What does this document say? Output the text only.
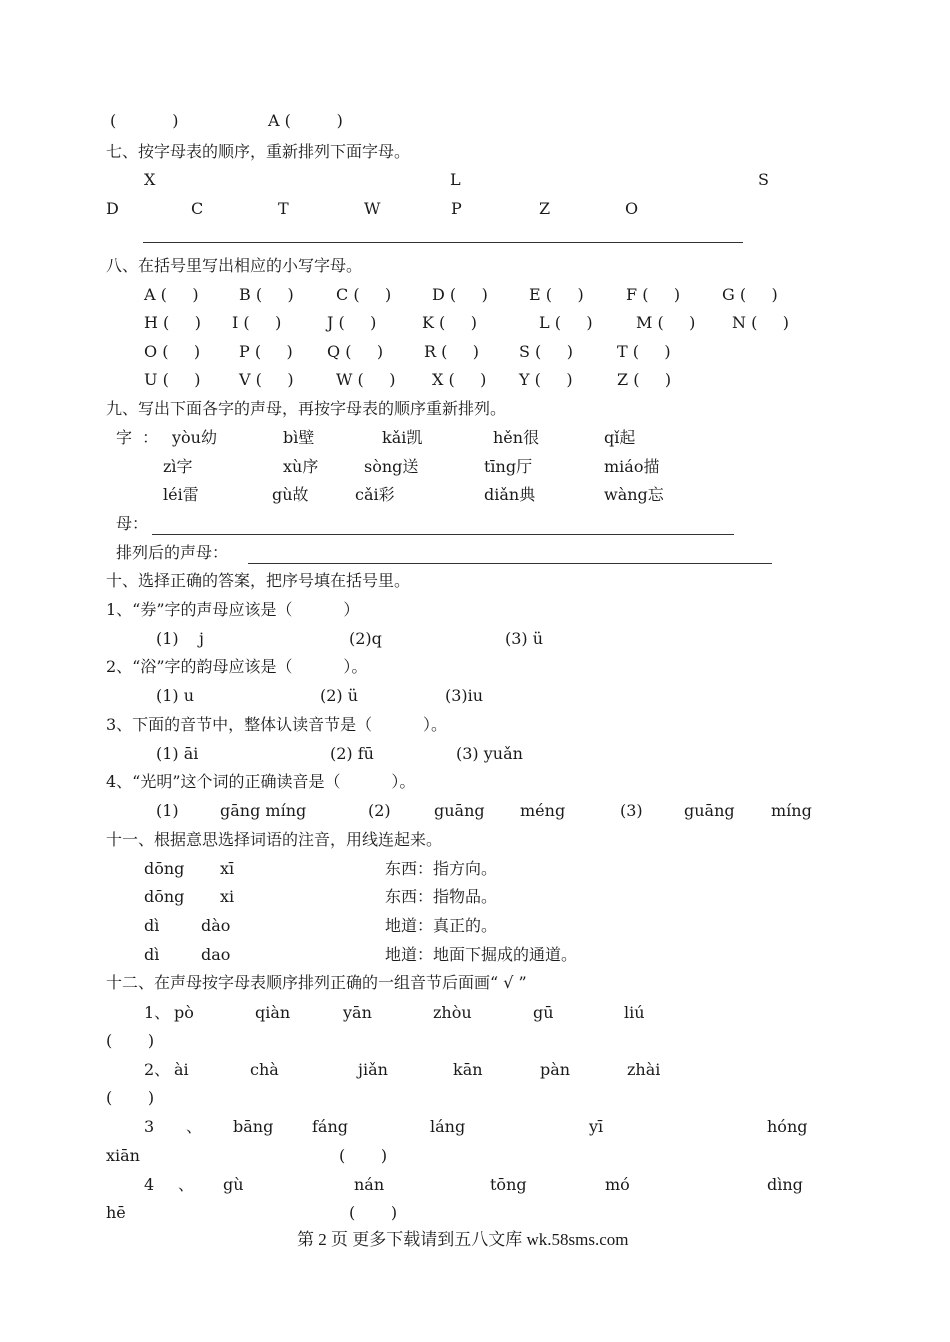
(           )	A (         )
七、按字母表的顺序，重新排列下面字母。
X	L	S
D	C	T	W	P	Z	O
八、在括号里写出相应的小写字母。
A (     )	B (     )	C (     )	D (     )	E (     )	F (     )	G (     )
H (     ) I (     )	J (     )	K (     )	L (     )	M (     ) N (     )
O (     ) P (     ) Q (     )	R (     ) S (     )	T (     )
U (     ) V (     )	W (     ) X (     ) Y (     )	Z (     )
九、写出下面各字的声母，再按字母表的顺序重新排列。
字  ： yòu幼	bì壁	kǎi凯	hěn很	qǐ起
zì字	xù序	sòng送	tīng厅	miáo描
léi雷	gù故	cǎi彩	diǎn典	wàng忘
母：
排列后的声母：
十、选择正确的答案，把序号填在括号里。
1、“券”字的声母应该是（          ）
(1)    j	(2)q	(3) ü
2、“浴”字的韵母应该是（          ）。
(1) u	(2) ü	(3)iu
3、下面的音节中，整体认读音节是（          ）。
(1) āi	(2) fū	(3) yuǎn
4、“光明”这个词的正确读音是（          ）。
(1)	gāng míng	(2)	guāng méng	(3)	guāng míng
十一、根据意思选择词语的注音，用线连起来。
dōng xī	东西：指方向。
dōng xi	东西：指物品。
dì	dào	地道：真正的。
dì	dao	地道：地面下掘成的通道。
十二、在声母按字母表顺序排列正确的一组音节后面画“ √ ”
1、 pò	qiàn	yān	zhòu	gū	liú
(       )
2、 ài	chà	jiǎn	kān	pàn	zhài
(       )
3 、 bāng fáng	láng	yī	hóng
xiān	(       )
4 、 gù	nán	tōng	mó	dìng
hē	(       )
第 2 页 更多下载请到五八文库 wk.58sms.com
